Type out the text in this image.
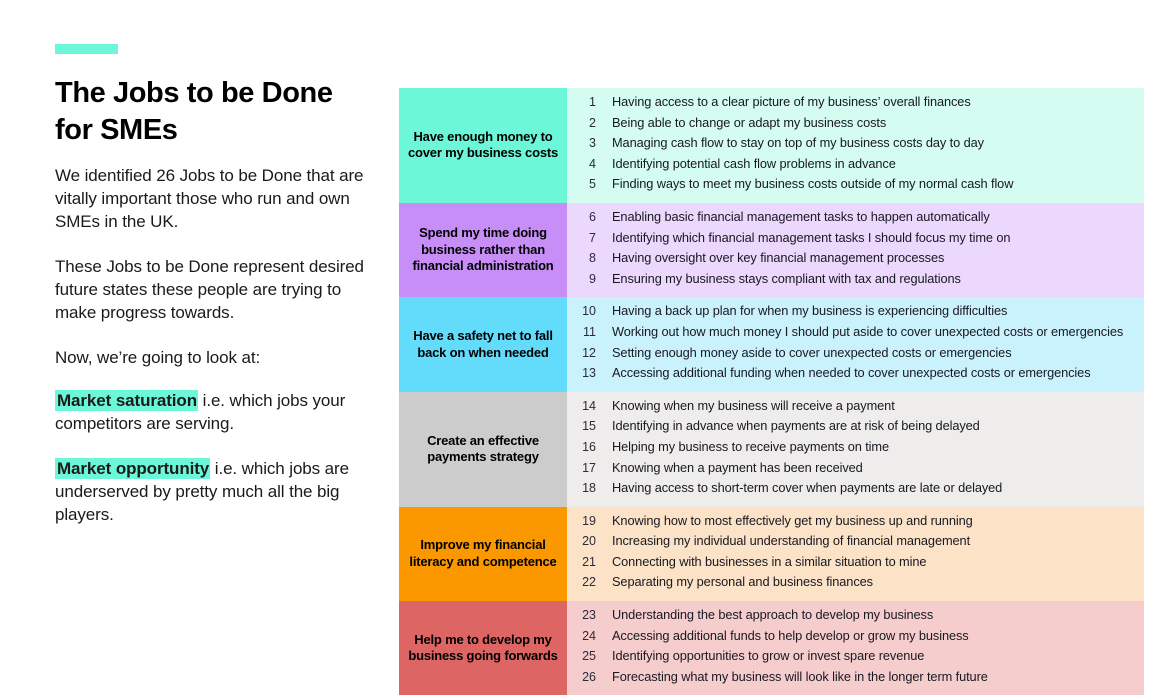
The Jobs to be Done for SMEs

We identified 26 Jobs to be Done that are vitally important those who run and own SMEs in the UK.

These Jobs to be Done represent desired future states these people are trying to make progress towards.

Now, we’re going to look at:

Market saturation i.e. which jobs your competitors are serving.

Market opportunity i.e. which jobs are underserved by pretty much all the big players.

Have enough money to cover my business costs
1	Having access to a clear picture of my business’ overall finances
2	Being able to change or adapt my business costs
3	Managing cash flow to stay on top of my business costs day to day
4	Identifying potential cash flow problems in advance
5	Finding ways to meet my business costs outside of my normal cash flow
Spend my time doing business rather than financial administration
6	Enabling basic financial management tasks to happen automatically
7	Identifying which financial management tasks I should focus my time on
8	Having oversight over key financial management processes
9	Ensuring my business stays compliant with tax and regulations
Have a safety net to fall back on when needed
10	Having a back up plan for when my business is experiencing difficulties
11	Working out how much money I should put aside to cover unexpected costs or emergencies
12	Setting enough money aside to cover unexpected costs or emergencies
13	Accessing additional funding when needed to cover unexpected costs or emergencies
Create an effective payments strategy
14	Knowing when my business will receive a payment
15	Identifying in advance when payments are at risk of being delayed
16	Helping my business to receive payments on time
17	Knowing when a payment has been received
18	Having access to short-term cover when payments are late or delayed
Improve my financial literacy and competence
19	Knowing how to most effectively get my business up and running
20	Increasing my individual understanding of financial management
21	Connecting with businesses in a similar situation to mine
22	Separating my personal and business finances
Help me to develop my business going forwards
23	Understanding the best approach to develop my business
24	Accessing additional funds to help develop or grow my business
25	Identifying opportunities to grow or invest spare revenue
26	Forecasting what my business will look like in the longer term future
